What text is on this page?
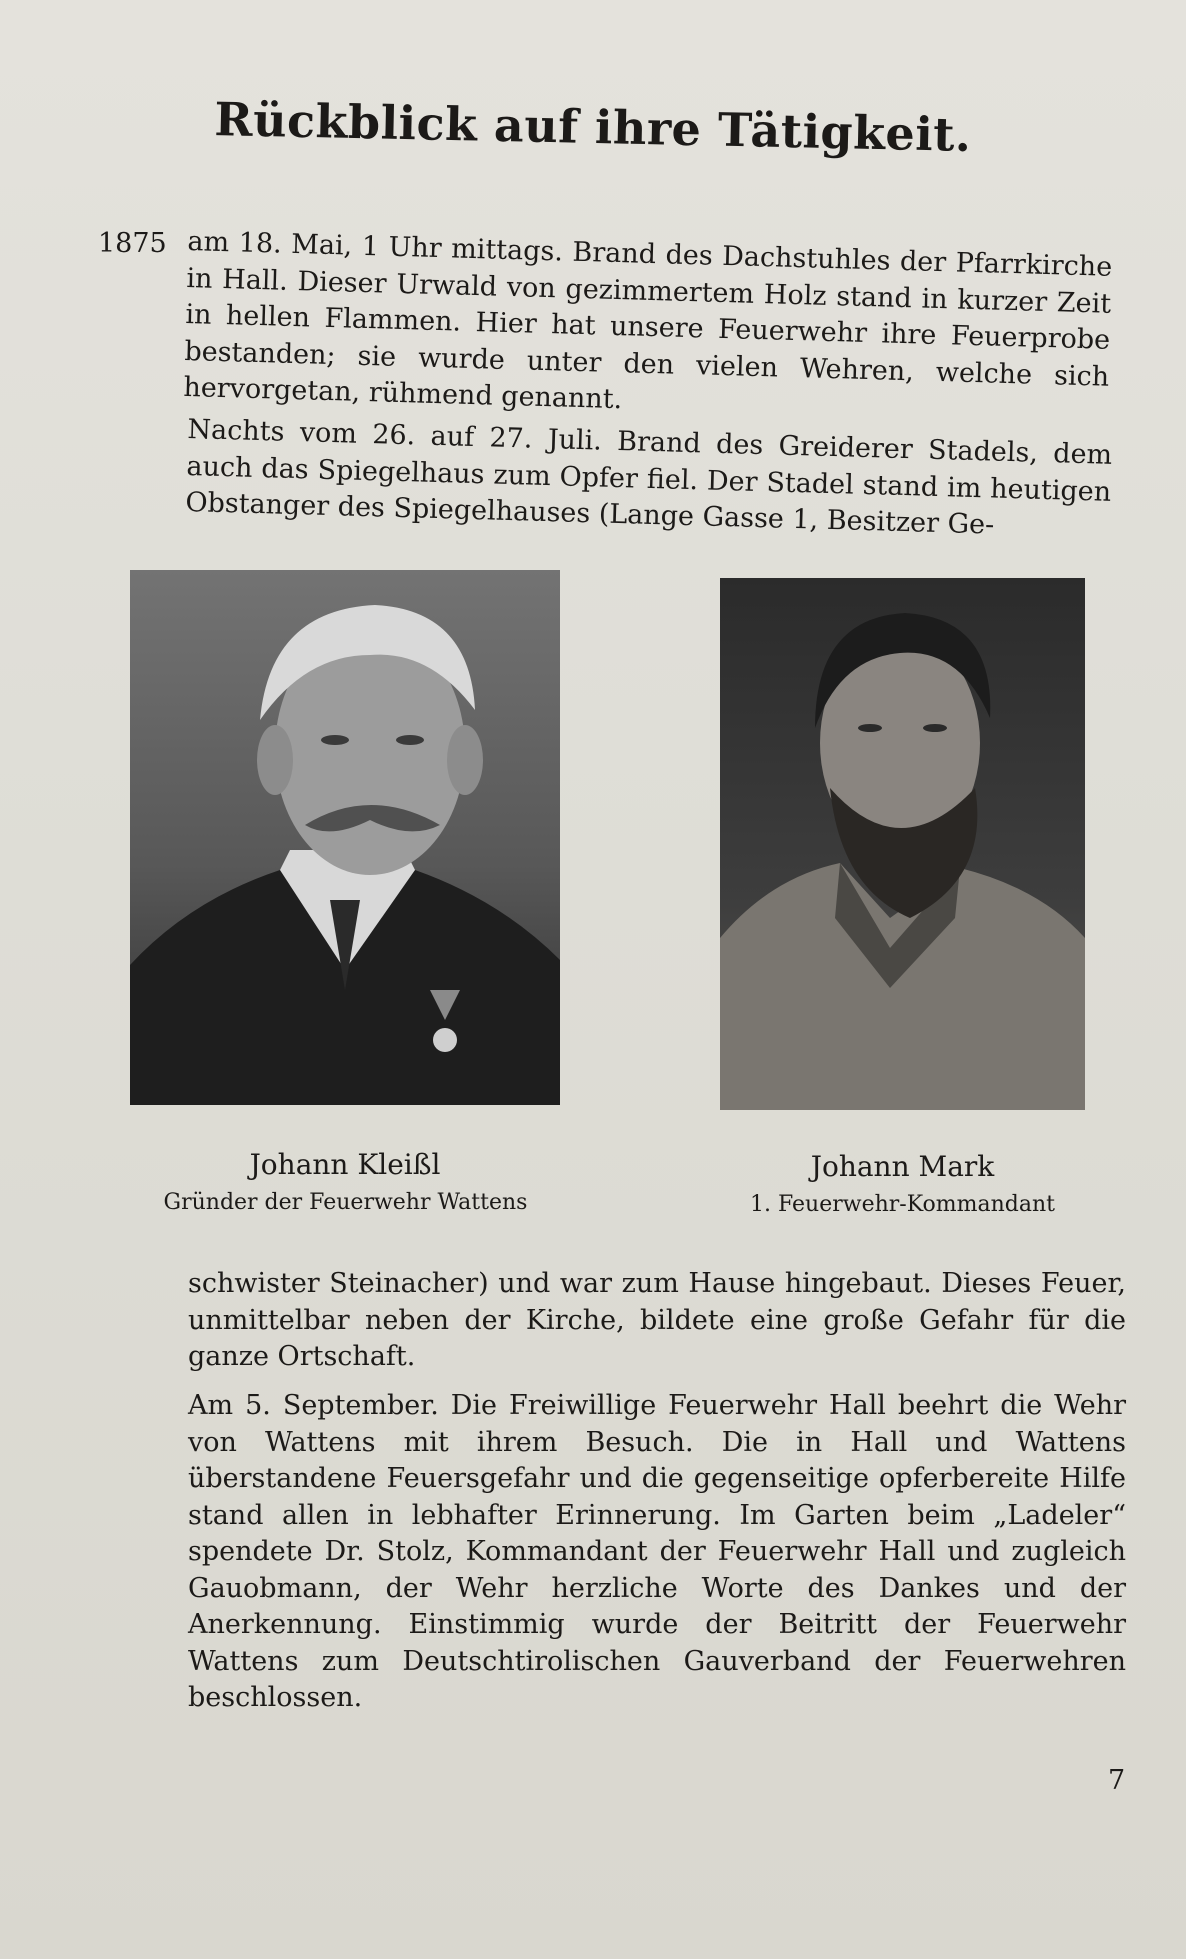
Rückblick auf ihre Tätigkeit.
1875 am 18. Mai, 1 Uhr mittags. Brand des Dachstuhles der Pfarrkirche in Hall. Dieser Urwald von gezimmertem Holz stand in kurzer Zeit in hellen Flammen. Hier hat unsere Feuerwehr ihre Feuerprobe bestanden; sie wurde unter den vielen Wehren, welche sich hervorgetan, rühmend genannt.
Nachts vom 26. auf 27. Juli. Brand des Greiderer Stadels, dem auch das Spiegelhaus zum Opfer fiel. Der Stadel stand im heutigen Obstanger des Spiegelhauses (Lange Gasse 1, Besitzer Ge-
Johann Kleißl
Gründer der Feuerwehr Wattens
Johann Mark
1. Feuerwehr-Kommandant
schwister Steinacher) und war zum Hause hingebaut. Dieses Feuer, unmittelbar neben der Kirche, bildete eine große Gefahr für die ganze Ortschaft.
Am 5. September. Die Freiwillige Feuerwehr Hall beehrt die Wehr von Wattens mit ihrem Besuch. Die in Hall und Wattens überstandene Feuersgefahr und die gegenseitige opferbereite Hilfe stand allen in lebhafter Erinnerung. Im Garten beim „Ladeler“ spendete Dr. Stolz, Kommandant der Feuerwehr Hall und zugleich Gauobmann, der Wehr herzliche Worte des Dankes und der Anerkennung. Einstimmig wurde der Beitritt der Feuerwehr Wattens zum Deutschtirolischen Gauverband der Feuerwehren beschlossen.
7
